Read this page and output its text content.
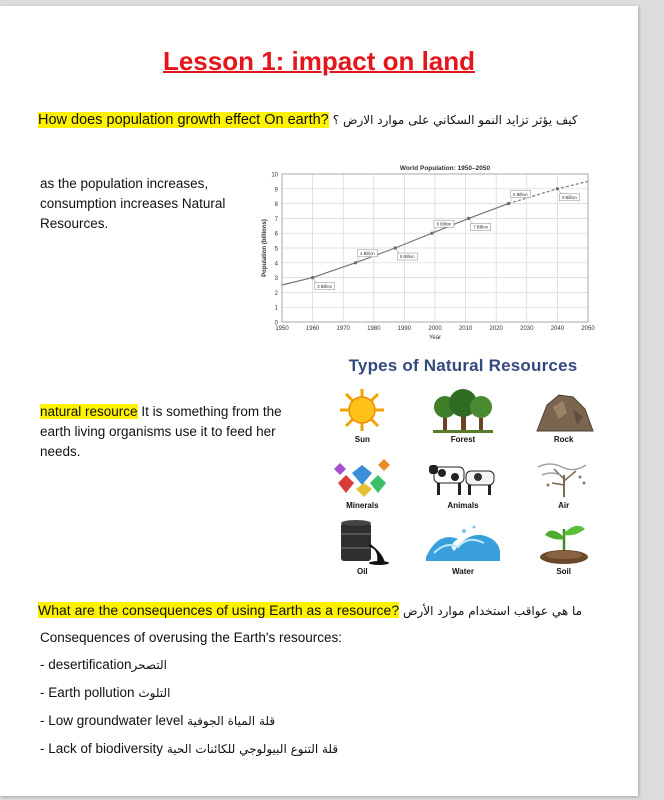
Lesson 1: impact on land
How does population growth effect On earth? كيف يؤثر تزايد النمو السكاني على موارد الارض ؟
as the population increases, consumption increases Natural Resources.
0
1
2
3
4
5
6
7
8
9
10
1950	1960	1970	1980	1990	2000	2010	2020	2030	2040	2050
World Population: 1950–2050
Year
Population (billions)
3 Billion
4 Billion
5 Billion
6 Billion
7 Billion
8 Billion
9 Billion
natural resource It is something from the earth living organisms use it to feed her needs.
Types of Natural Resources
Sun	Forest	Rock
Minerals	Animals	Air
Oil	Water	Soil
What are the consequences of using Earth as a resource? ما هي عواقب استخدام موارد الأرض
Consequences of overusing the Earth's resources:
- desertificationالتصحر
- Earth pollution التلوث
- Low groundwater level قلة المياة الجوفية
- Lack of biodiversity قلة التنوع البيولوجي للكائنات الحية
